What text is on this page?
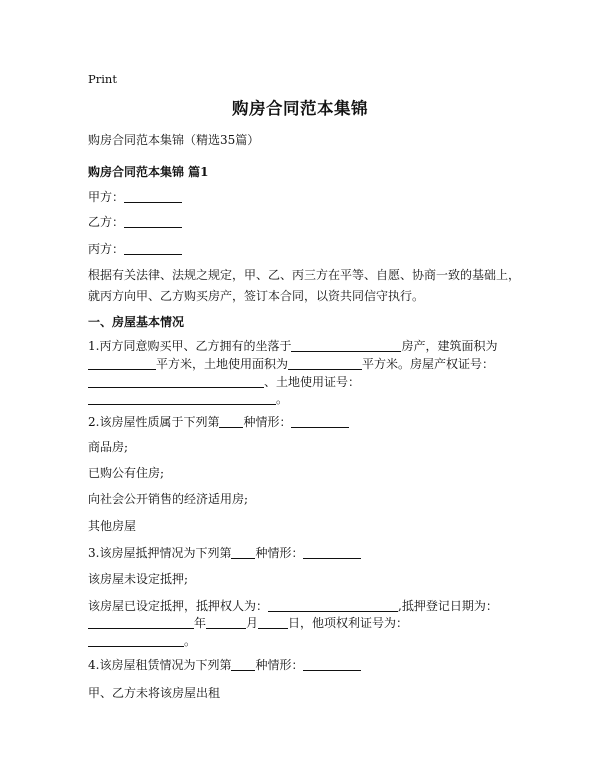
Print
购房合同范本集锦
购房合同范本集锦（精选35篇）
购房合同范本集锦 篇1
甲方：
乙方：
丙方：
根据有关法律、法规之规定，甲、乙、丙三方在平等、自愿、协商一致的基础上，
就丙方向甲、乙方购买房产，签订本合同，以资共同信守执行。
一、房屋基本情况
1.丙方同意购买甲、乙方拥有的坐落于	房产，建筑面积为
平方米，土地使用面积为	平方米。房屋产权证号：
、土地使用证号：
。
2.该房屋性质属于下列第 种情形：
商品房;
已购公有住房;
向社会公开销售的经济适用房;
其他房屋
3.该房屋抵押情况为下列第 种情形：
该房屋未设定抵押;
该房屋已设定抵押，抵押权人为：	,抵押登记日期为：
年	月	日，他项权利证号为：
。
4.该房屋租赁情况为下列第 种情形：
甲、乙方未将该房屋出租
